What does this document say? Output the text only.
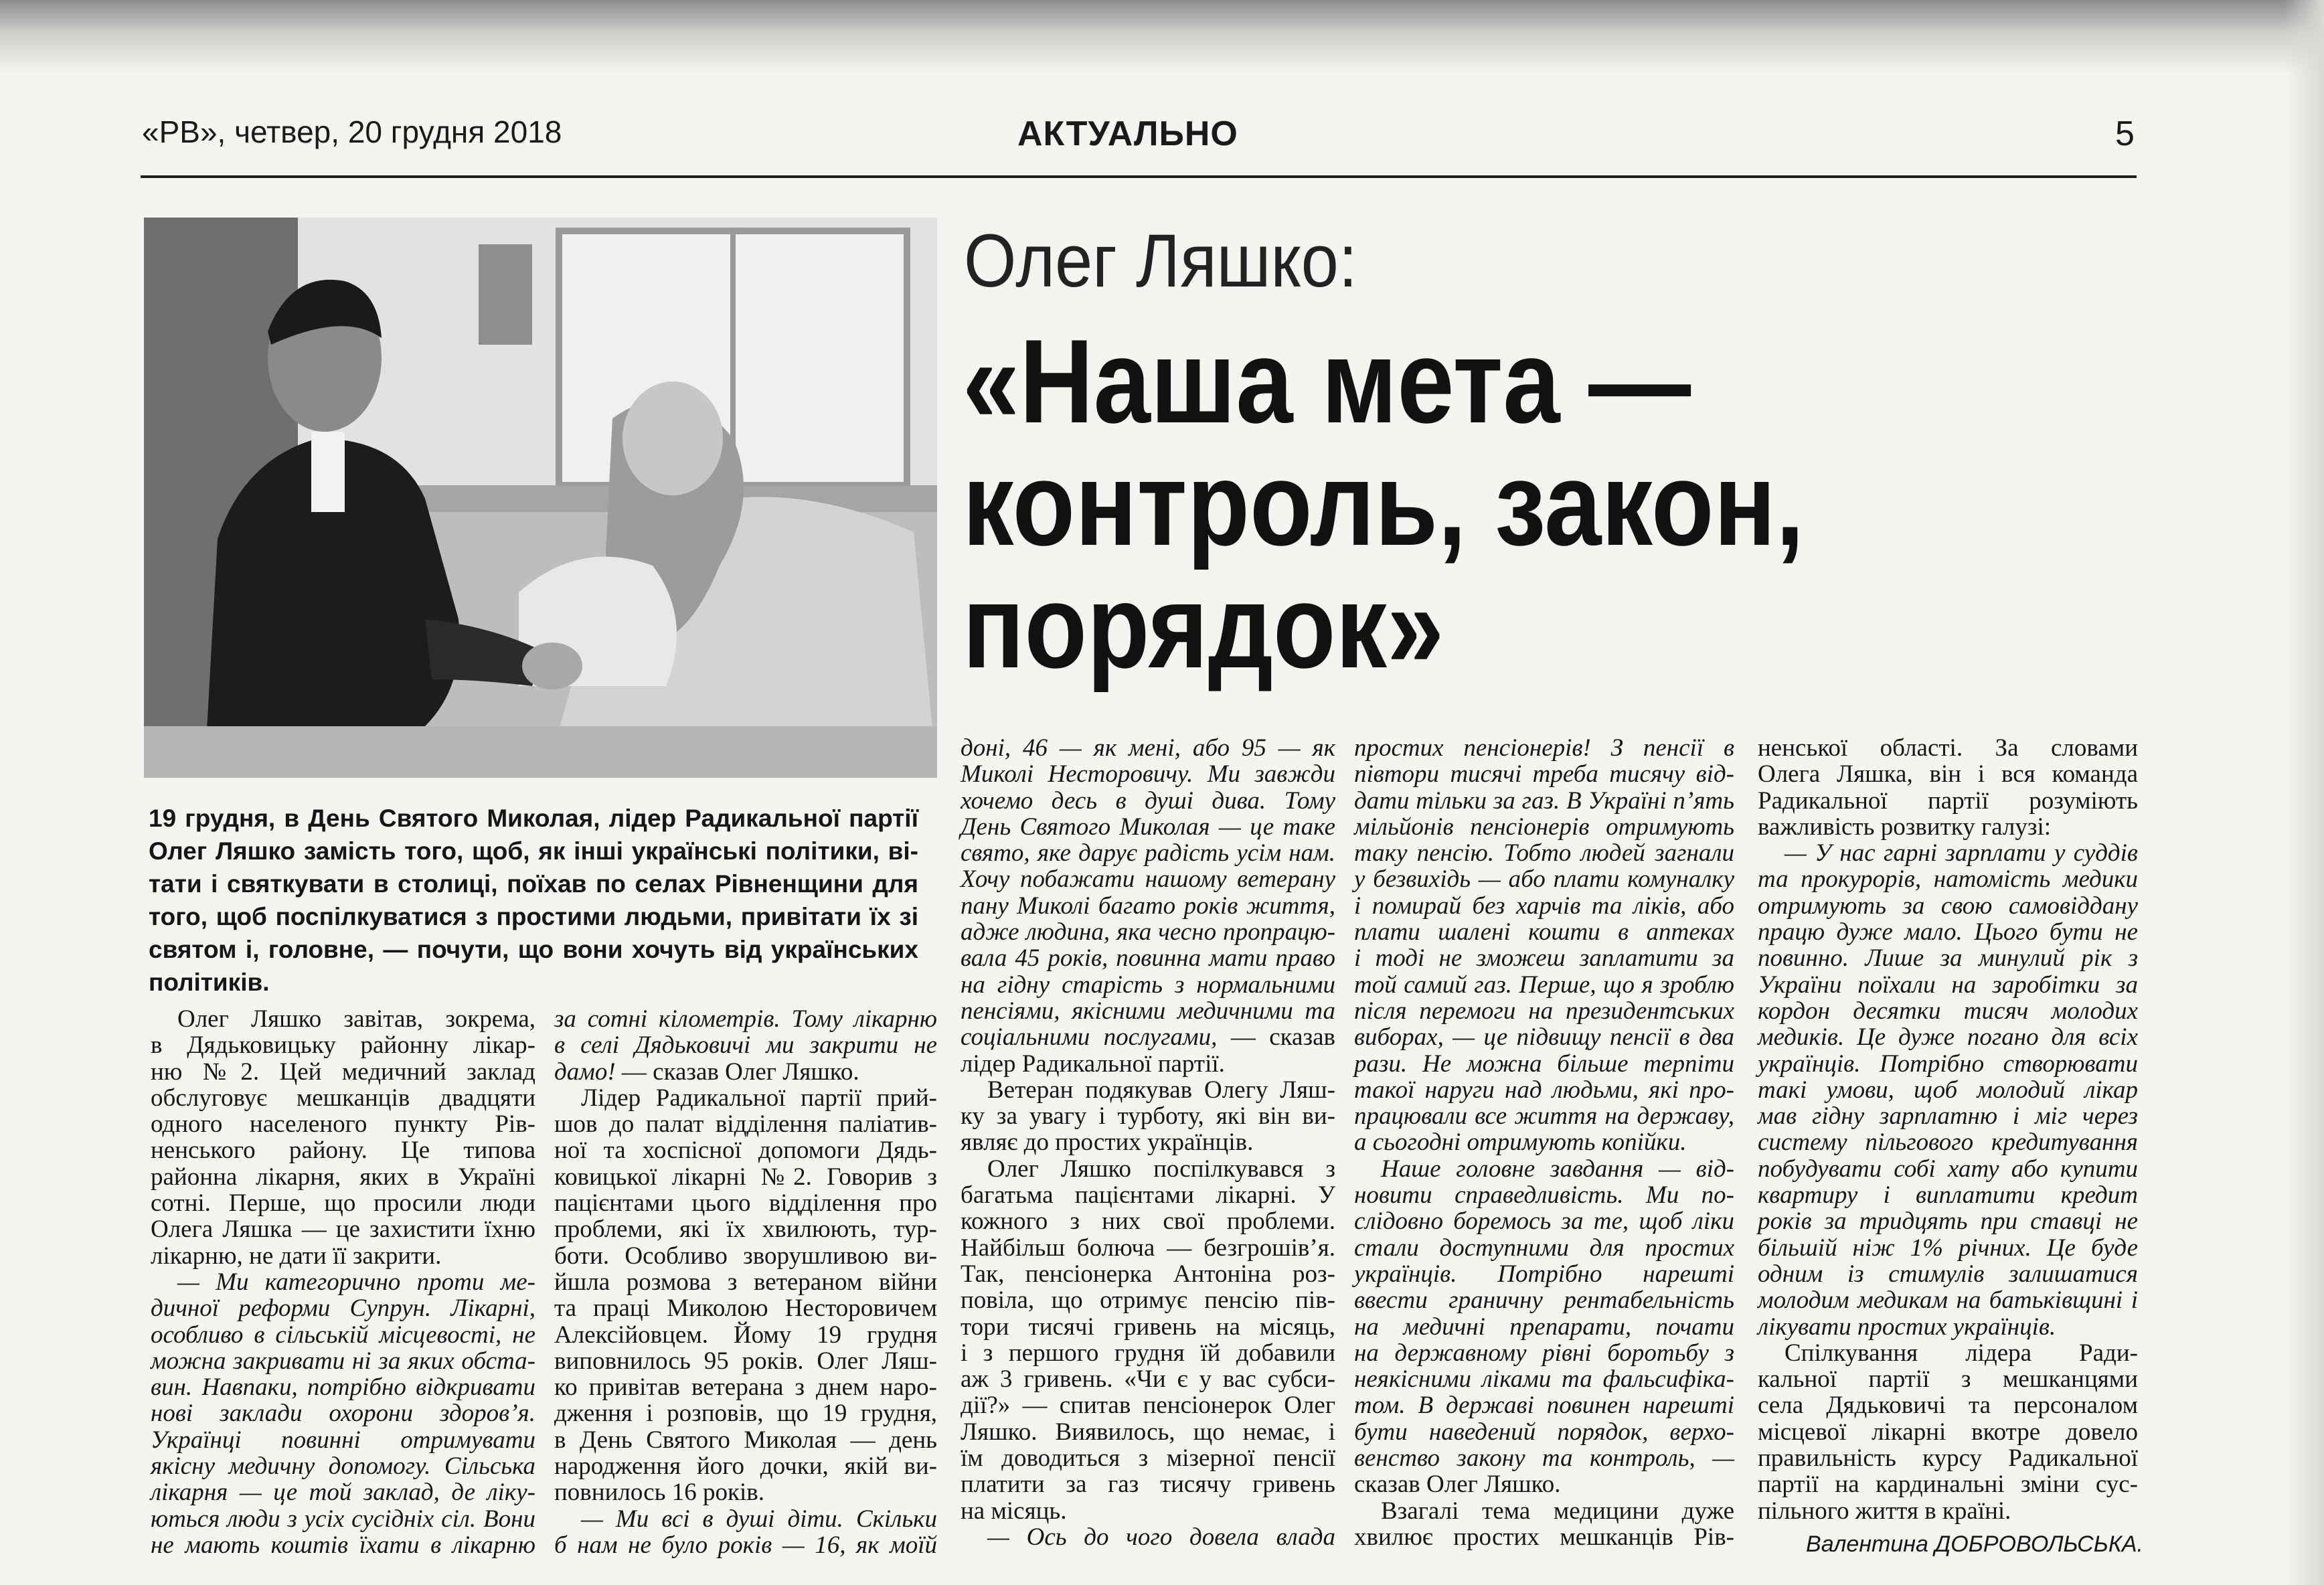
«РВ», четвер, 20 грудня 2018	АКТУАЛЬНО	5
Олег Ляшко:
«Наша мета —
контроль, закон,
порядок»
19 грудня, в День Святого Миколая, лідер Радикальної партії
Олег Ляшко замість того, щоб, як інші українські політики, ві-
тати і святкувати в столиці, поїхав по селах Рівненщини для
того, щоб поспілкуватися з простими людьми, привітати їх зі
святом і, головне, — почути, що вони хочуть від українських
політиків.
Олег Ляшко завітав, зокрема,
в Дядьковицьку районну лікар-
ню №2. Цей медичний заклад
обслуговує мешканців двадцяти
одного населеного пункту Рів-
ненського району. Це типова
районна лікарня, яких в Україні
сотні. Перше, що просили люди
Олега Ляшка — це захистити їхню
лікарню, не дати її закрити.
— Ми категорично проти ме-
дичної реформи Супрун. Лікарні,
особливо в сільській місцевості, не
можна закривати ні за яких обста-
вин. Навпаки, потрібно відкривати
нові заклади охорони здоров’я.
Українці повинні отримувати
якісну медичну допомогу. Сільська
лікарня — це той заклад, де ліку-
ються люди з усіх сусідніх сіл. Вони
не мають коштів їхати в лікарню
за сотні кілометрів. Тому лікарню
в селі Дядьковичі ми закрити не
дамо! — сказав Олег Ляшко.
Лідер Радикальної партії прий-
шов до палат відділення паліатив-
ної та хоспісної допомоги Дядь-
ковицької лікарні №2. Говорив з
пацієнтами цього відділення про
проблеми, які їх хвилюють, тур-
боти. Особливо зворушливою ви-
йшла розмова з ветераном війни
та праці Миколою Несторовичем
Алексійовцем. Йому 19 грудня
виповнилось 95 років. Олег Ляш-
ко привітав ветерана з днем наро-
дження і розповів, що 19 грудня,
в День Святого Миколая — день
народження його дочки, якій ви-
повнилось 16 років.
— Ми всі в душі діти. Скільки
б нам не було років — 16, як моїй
доні, 46 — як мені, або 95 — як
Миколі Несторовичу. Ми завжди
хочемо десь в душі дива. Тому
День Святого Миколая — це таке
свято, яке дарує радість усім нам.
Хочу побажати нашому ветерану
пану Миколі багато років життя,
адже людина, яка чесно пропрацю-
вала 45 років, повинна мати право
на гідну старість з нормальними
пенсіями, якісними медичними та
соціальними послугами, — сказав
лідер Радикальної партії.
Ветеран подякував Олегу Ляш-
ку за увагу і турботу, які він ви-
являє до простих українців.
Олег Ляшко поспілкувався з
багатьма пацієнтами лікарні. У
кожного з них свої проблеми.
Найбільш болюча — безгрошів’я.
Так, пенсіонерка Антоніна роз-
повіла, що отримує пенсію пів-
тори тисячі гривень на місяць,
і з першого грудня їй добавили
аж 3 гривень. «Чи є у вас субси-
дії?» — спитав пенсіонерок Олег
Ляшко. Виявилось, що немає, і
їм доводиться з мізерної пенсії
платити за газ тисячу гривень
на місяць.
— Ось до чого довела влада
простих пенсіонерів! З пенсії в
півтори тисячі треба тисячу від-
дати тільки за газ. В Україні п’ять
мільйонів пенсіонерів отримують
таку пенсію. Тобто людей загнали
у безвихідь — або плати комуналку
і помирай без харчів та ліків, або
плати шалені кошти в аптеках
і тоді не зможеш заплатити за
той самий газ. Перше, що я зроблю
після перемоги на президентських
виборах, — це підвищу пенсії в два
рази. Не можна більше терпіти
такої наруги над людьми, які про-
працювали все життя на державу,
а сьогодні отримують копійки.
Наше головне завдання — від-
новити справедливість. Ми по-
слідовно боремось за те, щоб ліки
стали доступними для простих
українців. Потрібно нарешті
ввести граничну рентабельність
на медичні препарати, почати
на державному рівні боротьбу з
неякісними ліками та фальсифіка-
том. В державі повинен нарешті
бути наведений порядок, верхо-
венство закону та контроль, —
сказав Олег Ляшко.
Взагалі тема медицини дуже
хвилює простих мешканців Рів-
ненської області. За словами
Олега Ляшка, він і вся команда
Радикальної партії розуміють
важливість розвитку галузі:
— У нас гарні зарплати у суддів
та прокурорів, натомість медики
отримують за свою самовіддану
працю дуже мало. Цього бути не
повинно. Лише за минулий рік з
України поїхали на заробітки за
кордон десятки тисяч молодих
медиків. Це дуже погано для всіх
українців. Потрібно створювати
такі умови, щоб молодий лікар
мав гідну зарплатню і міг через
систему пільгового кредитування
побудувати собі хату або купити
квартиру і виплатити кредит
років за тридцять при ставці не
більшій ніж 1% річних. Це буде
одним із стимулів залишатися
молодим медикам на батьківщині і
лікувати простих українців.
Спілкування лідера Ради-
кальної партії з мешканцями
села Дядьковичі та персоналом
місцевої лікарні вкотре довело
правильність курсу Радикальної
партії на кардинальні зміни сус-
пільного життя в країні.
Валентина ДОБРОВОЛЬСЬКА.
